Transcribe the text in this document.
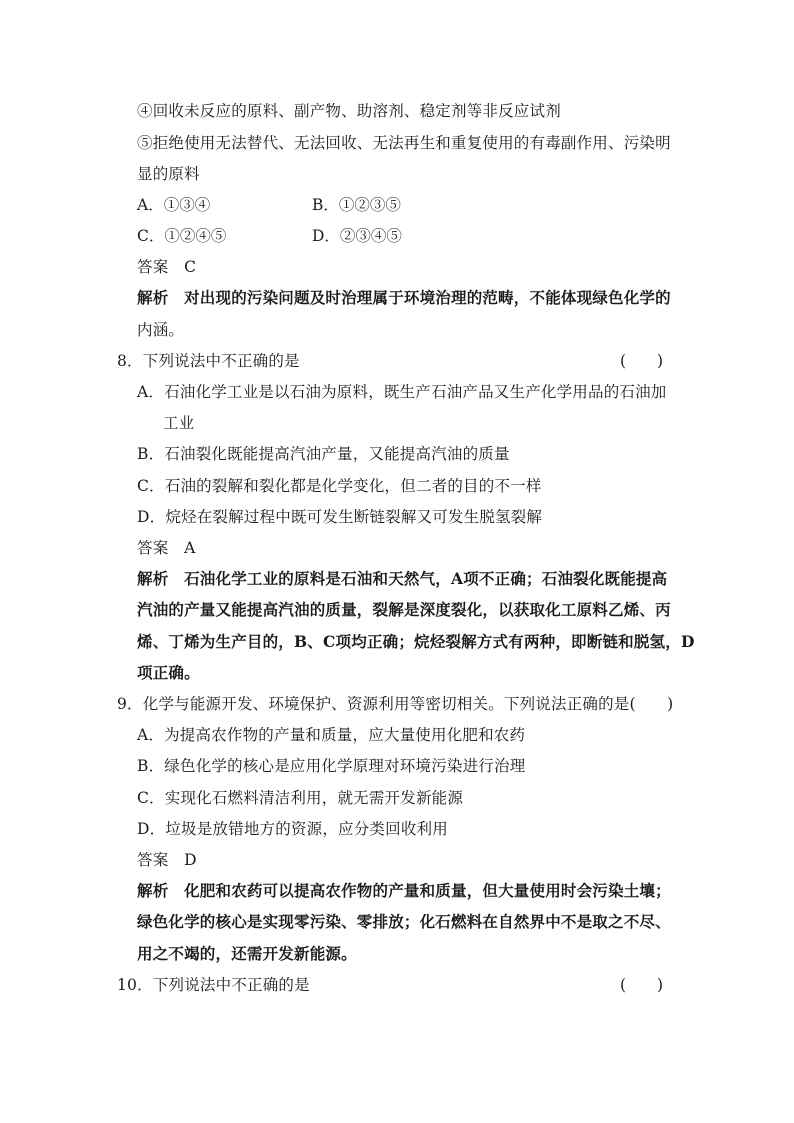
④回收未反应的原料、副产物、助溶剂、稳定剂等非反应试剂
⑤拒绝使用无法替代、无法回收、无法再生和重复使用的有毒副作用、污染明
显的原料
A．①③④	B．①②③⑤
C．①②④⑤	D．②③④⑤
答案　C
解析　对出现的污染问题及时治理属于环境治理的范畴，不能体现绿色化学的
内涵。
8．下列说法中不正确的是	(　　)
A．石油化学工业是以石油为原料，既生产石油产品又生产化学用品的石油加
工业
B．石油裂化既能提高汽油产量，又能提高汽油的质量
C．石油的裂解和裂化都是化学变化，但二者的目的不一样
D．烷烃在裂解过程中既可发生断链裂解又可发生脱氢裂解
答案　A
解析　石油化学工业的原料是石油和天然气，A项不正确；石油裂化既能提高
汽油的产量又能提高汽油的质量，裂解是深度裂化，以获取化工原料乙烯、丙
烯、丁烯为生产目的，B、C项均正确；烷烃裂解方式有两种，即断链和脱氢，D
项正确。
9．化学与能源开发、环境保护、资源利用等密切相关。下列说法正确的是(　　)
A．为提高农作物的产量和质量，应大量使用化肥和农药
B．绿色化学的核心是应用化学原理对环境污染进行治理
C．实现化石燃料清洁利用，就无需开发新能源
D．垃圾是放错地方的资源，应分类回收利用
答案　D
解析　化肥和农药可以提高农作物的产量和质量，但大量使用时会污染土壤；
绿色化学的核心是实现零污染、零排放；化石燃料在自然界中不是取之不尽、
用之不竭的，还需开发新能源。
10．下列说法中不正确的是	(　　)
